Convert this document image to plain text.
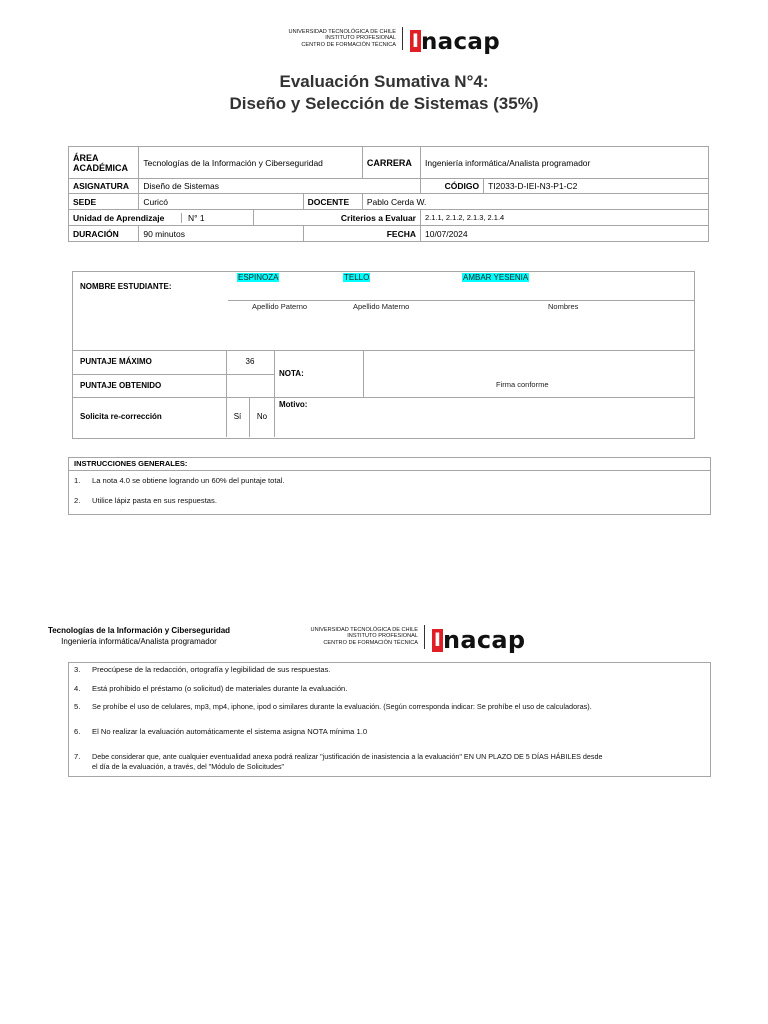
UNIVERSIDAD TECNOLÓGICA DE CHILE
INSTITUTO PROFESIONAL
CENTRO DE FORMACIÓN TÉCNICA Inacap
Evaluación Sumativa N°4:
Diseño y Selección de Sistemas (35%)
ÁREA ACADÉMICA	Tecnologías de la Información y Ciberseguridad			CARRERA	Ingeniería informática/Analista programador	
ASIGNATURA	Diseño de Sistemas				CÓDIGO	TI2033-D-IEI-N3-P1-C2
SEDE	Curicó		DOCENTE	Pablo Cerda W.		
Unidad de Aprendizaje N° 1		Criterios a Evaluar			2.1.1, 2.1.2, 2.1.3, 2.1.4	
DURACIÓN	90 minutos		FECHA		10/07/2024	
NOMBRE ESTUDIANTE:
ESPINOZA	TELLO	AMBAR YESENIA
Apellido Paterno	Apellido Materno	Nombres
PUNTAJE MÁXIMO	36
PUNTAJE OBTENIDO
NOTA:
Firma conforme
Solicita re-corrección	Sí	No
Motivo:
INSTRUCCIONES GENERALES:
1. La nota 4.0 se obtiene logrando un 60% del puntaje total.
2. Utilice lápiz pasta en sus respuestas.
Tecnologías de la Información y Ciberseguridad
Ingeniería informática/Analista programador
UNIVERSIDAD TECNOLÓGICA DE CHILE
INSTITUTO PROFESIONAL
CENTRO DE FORMACIÓN TÉCNICA Inacap
3. Preocúpese de la redacción, ortografía y legibilidad de sus respuestas.
4. Está prohibido el préstamo (o solicitud) de materiales durante la evaluación.
5. Se prohíbe el uso de celulares, mp3, mp4, iphone, ipod o similares durante la evaluación. (Según corresponda indicar: Se prohíbe el uso de calculadoras).
6. El No realizar la evaluación automáticamente el sistema asigna NOTA mínima 1.0
7. Debe considerar que, ante cualquier eventualidad anexa podrá realizar "justificación de inasistencia a la evaluación" EN UN PLAZO DE 5 DÍAS HÁBILES desde
el día de la evaluación, a través, del "Módulo de Solicitudes"
